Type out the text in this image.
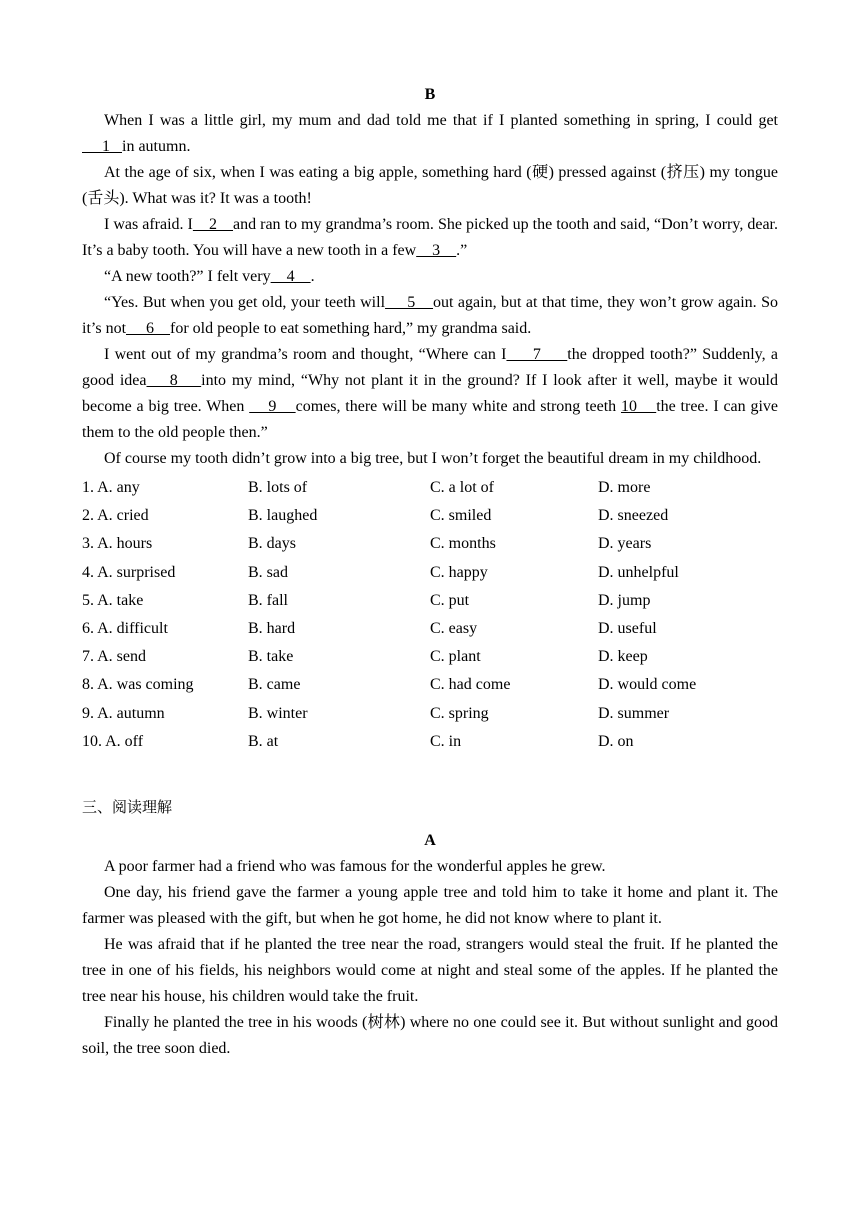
B

When I was a little girl, my mum and dad told me that if I planted something in spring, I could get     1   in autumn.

At the age of six, when I was eating a big apple, something hard (硬) pressed against (挤压) my tongue (舌头). What was it? It was a tooth!

I was afraid. I    2    and ran to my grandma’s room. She picked up the tooth and said, “Don’t worry, dear. It’s a baby tooth. You will have a new tooth in a few    3    .”

“A new tooth?” I felt very    4    .

“Yes. But when you get old, your teeth will     5    out again, but at that time, they won’t grow again. So it’s not     6    for old people to eat something hard,” my grandma said.

I went out of my grandma’s room and thought, “Where can I     7     the dropped tooth?” Suddenly, a good idea    8    into my mind, “Why not plant it in the ground? If I look after it well, maybe it would become a big tree. When     9    comes, there will be many white and strong teeth 10    the tree. I can give them to the old people then.”

Of course my tooth didn’t grow into a big tree, but I won’t forget the beautiful dream in my childhood.

1. A. any	B. lots of	C. a lot of	D. more
2. A. cried	B. laughed	C. smiled	D. sneezed
3. A. hours	B. days	C. months	D. years
4. A. surprised	B. sad	C. happy	D. unhelpful
5. A. take	B. fall	C. put	D. jump
6. A. difficult	B. hard	C. easy	D. useful
7. A. send	B. take	C. plant	D. keep
8. A. was coming	B. came	C. had come	D. would come
9. A. autumn	B. winter	C. spring	D. summer
10. A. off	B. at	C. in	D. on
三、阅读理解
A

A poor farmer had a friend who was famous for the wonderful apples he grew.

One day, his friend gave the farmer a young apple tree and told him to take it home and plant it. The farmer was pleased with the gift, but when he got home, he did not know where to plant it.

He was afraid that if he planted the tree near the road, strangers would steal the fruit. If he planted the tree in one of his fields, his neighbors would come at night and steal some of the apples. If he planted the tree near his house, his children would take the fruit.

Finally he planted the tree in his woods (树林) where no one could see it. But without sunlight and good soil, the tree soon died.
